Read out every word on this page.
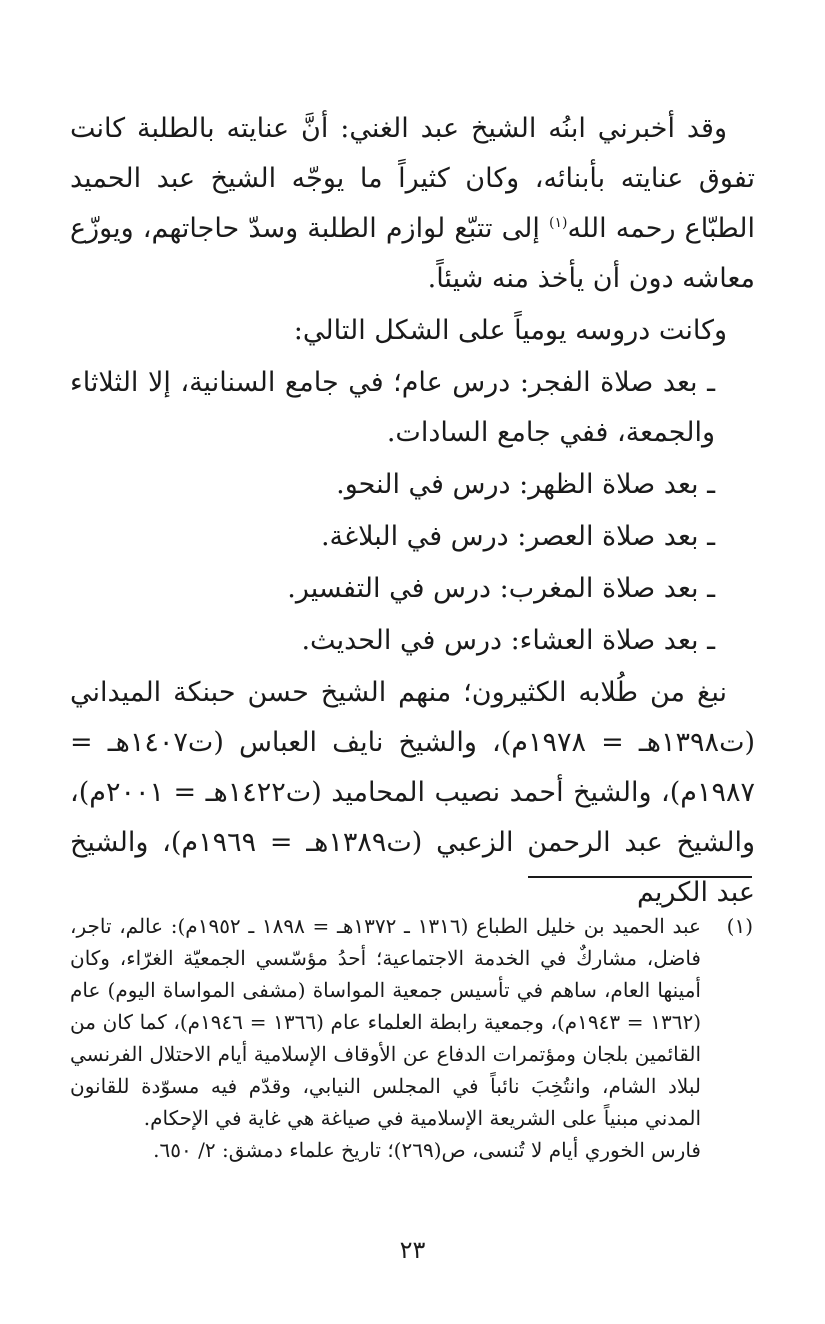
وقد أخبرني ابنُه الشيخ عبد الغني: أنَّ عنايته بالطلبة كانت تفوق عنايته بأبنائه، وكان كثيراً ما يوجّه الشيخ عبد الحميد الطبّاع رحمه الله$^{(١)}$ إلى تتبّع لوازم الطلبة وسدّ حاجاتهم، ويوزّع معاشه دون أن يأخذ منه شيئاً.

وكانت دروسه يومياً على الشكل التالي:

ـ بعد صلاة الفجر: درس عام؛ في جامع السنانية، إلا الثلاثاء والجمعة، ففي جامع السادات.

ـ بعد صلاة الظهر: درس في النحو.

ـ بعد صلاة العصر: درس في البلاغة.

ـ بعد صلاة المغرب: درس في التفسير.

ـ بعد صلاة العشاء: درس في الحديث.

نبغ من طُلابه الكثيرون؛ منهم الشيخ حسن حبنكة الميداني (ت١٣٩٨هـ = ١٩٧٨م)، والشيخ نايف العباس (ت١٤٠٧هـ = ١٩٨٧م)، والشيخ أحمد نصيب المحاميد (ت١٤٢٢هـ = ٢٠٠١م)، والشيخ عبد الرحمن الزعبي (ت١٣٨٩هـ = ١٩٦٩م)، والشيخ عبد الكريم

(١)
عبد الحميد بن خليل الطباع (١٣١٦ ـ ١٣٧٢هـ = ١٨٩٨ ـ ١٩٥٢م): عالم، تاجر، فاضل، مشاركٌ في الخدمة الاجتماعية؛ أحدُ مؤسّسي الجمعيّة الغرّاء، وكان أمينها العام، ساهم في تأسيس جمعية المواساة (مشفى المواساة اليوم) عام (١٣٦٢ = ١٩٤٣م)، وجمعية رابطة العلماء عام (١٣٦٦ = ١٩٤٦م)، كما كان من القائمين بلجان ومؤتمرات الدفاع عن الأوقاف الإسلامية أيام الاحتلال الفرنسي لبلاد الشام، وانتُخِبَ نائباً في المجلس النيابي، وقدّم فيه مسوّدة للقانون المدني مبنياً على الشريعة الإسلامية في صياغة هي غاية في الإحكام.

فارس الخوري أيام لا تُنسى، ص(٢٦٩)؛ تاريخ علماء دمشق: ٢/ ٦٥٠.

٢٣
